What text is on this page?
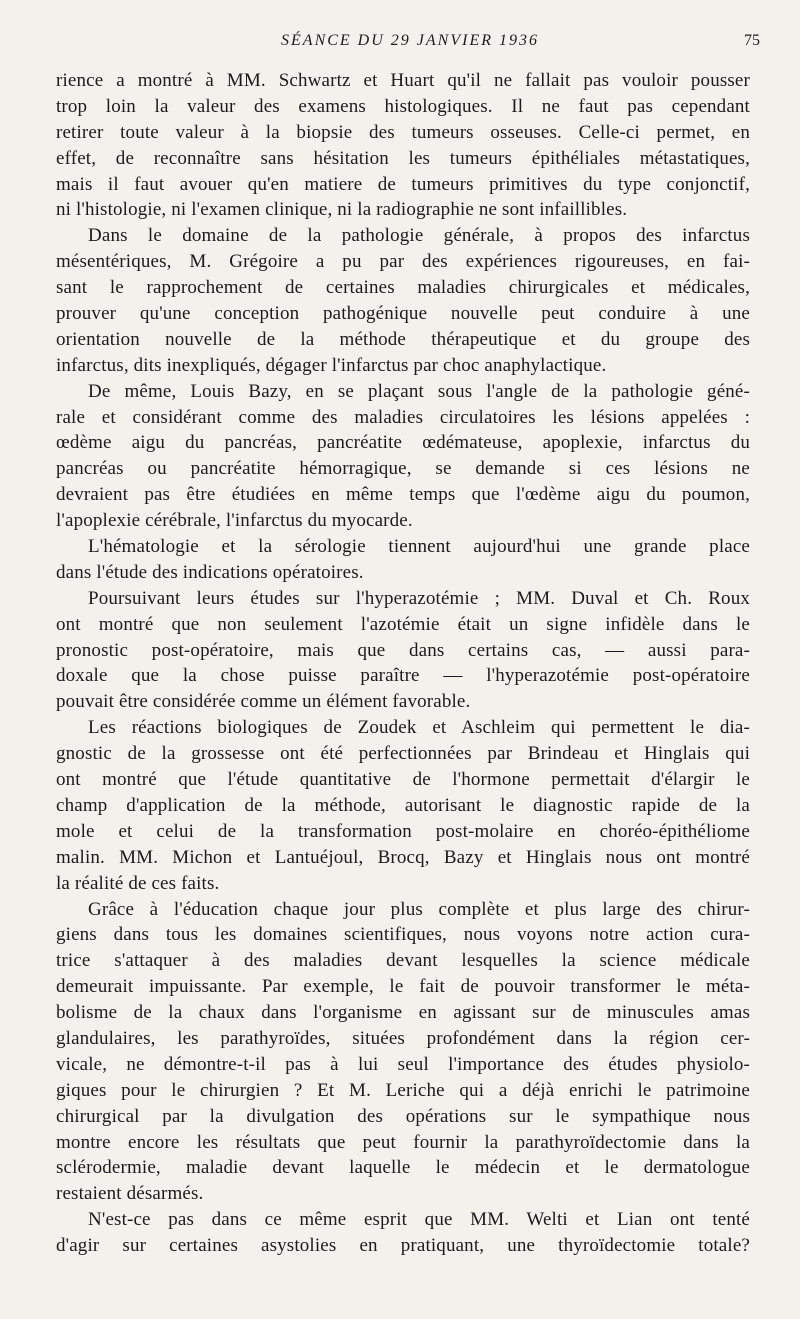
SÉANCE DU 29 JANVIER 1936	75
rience a montré à MM. Schwartz et Huart qu'il ne fallait pas vouloir pousser
trop loin la valeur des examens histologiques. Il ne faut pas cependant
retirer toute valeur à la biopsie des tumeurs osseuses. Celle-ci permet, en
effet, de reconnaître sans hésitation les tumeurs épithéliales métastatiques,
mais il faut avouer qu'en matiere de tumeurs primitives du type conjonctif,
ni l'histologie, ni l'examen clinique, ni la radiographie ne sont infaillibles.
Dans le domaine de la pathologie générale, à propos des infarctus
mésentériques, M. Grégoire a pu par des expériences rigoureuses, en fai-
sant le rapprochement de certaines maladies chirurgicales et médicales,
prouver qu'une conception pathogénique nouvelle peut conduire à une
orientation nouvelle de la méthode thérapeutique et du groupe des
infarctus, dits inexpliqués, dégager l'infarctus par choc anaphylactique.
De même, Louis Bazy, en se plaçant sous l'angle de la pathologie géné-
rale et considérant comme des maladies circulatoires les lésions appelées :
œdème aigu du pancréas, pancréatite œdémateuse, apoplexie, infarctus du
pancréas ou pancréatite hémorragique, se demande si ces lésions ne
devraient pas être étudiées en même temps que l'œdème aigu du poumon,
l'apoplexie cérébrale, l'infarctus du myocarde.
L'hématologie et la sérologie tiennent aujourd'hui une grande place
dans l'étude des indications opératoires.
Poursuivant leurs études sur l'hyperazotémie ; MM. Duval et Ch. Roux
ont montré que non seulement l'azotémie était un signe infidèle dans le
pronostic post-opératoire, mais que dans certains cas, — aussi para-
doxale que la chose puisse paraître — l'hyperazotémie post-opératoire
pouvait être considérée comme un élément favorable.
Les réactions biologiques de Zoudek et Aschleim qui permettent le dia-
gnostic de la grossesse ont été perfectionnées par Brindeau et Hinglais qui
ont montré que l'étude quantitative de l'hormone permettait d'élargir le
champ d'application de la méthode, autorisant le diagnostic rapide de la
mole et celui de la transformation post-molaire en choréo-épithéliome
malin. MM. Michon et Lantuéjoul, Brocq, Bazy et Hinglais nous ont montré
la réalité de ces faits.
Grâce à l'éducation chaque jour plus complète et plus large des chirur-
giens dans tous les domaines scientifiques, nous voyons notre action cura-
trice s'attaquer à des maladies devant lesquelles la science médicale
demeurait impuissante. Par exemple, le fait de pouvoir transformer le méta-
bolisme de la chaux dans l'organisme en agissant sur de minuscules amas
glandulaires, les parathyroïdes, situées profondément dans la région cer-
vicale, ne démontre-t-il pas à lui seul l'importance des études physiolo-
giques pour le chirurgien ? Et M. Leriche qui a déjà enrichi le patrimoine
chirurgical par la divulgation des opérations sur le sympathique nous
montre encore les résultats que peut fournir la parathyroïdectomie dans la
sclérodermie, maladie devant laquelle le médecin et le dermatologue
restaient désarmés.
N'est-ce pas dans ce même esprit que MM. Welti et Lian ont tenté
d'agir sur certaines asystolies en pratiquant, une thyroïdectomie totale?
